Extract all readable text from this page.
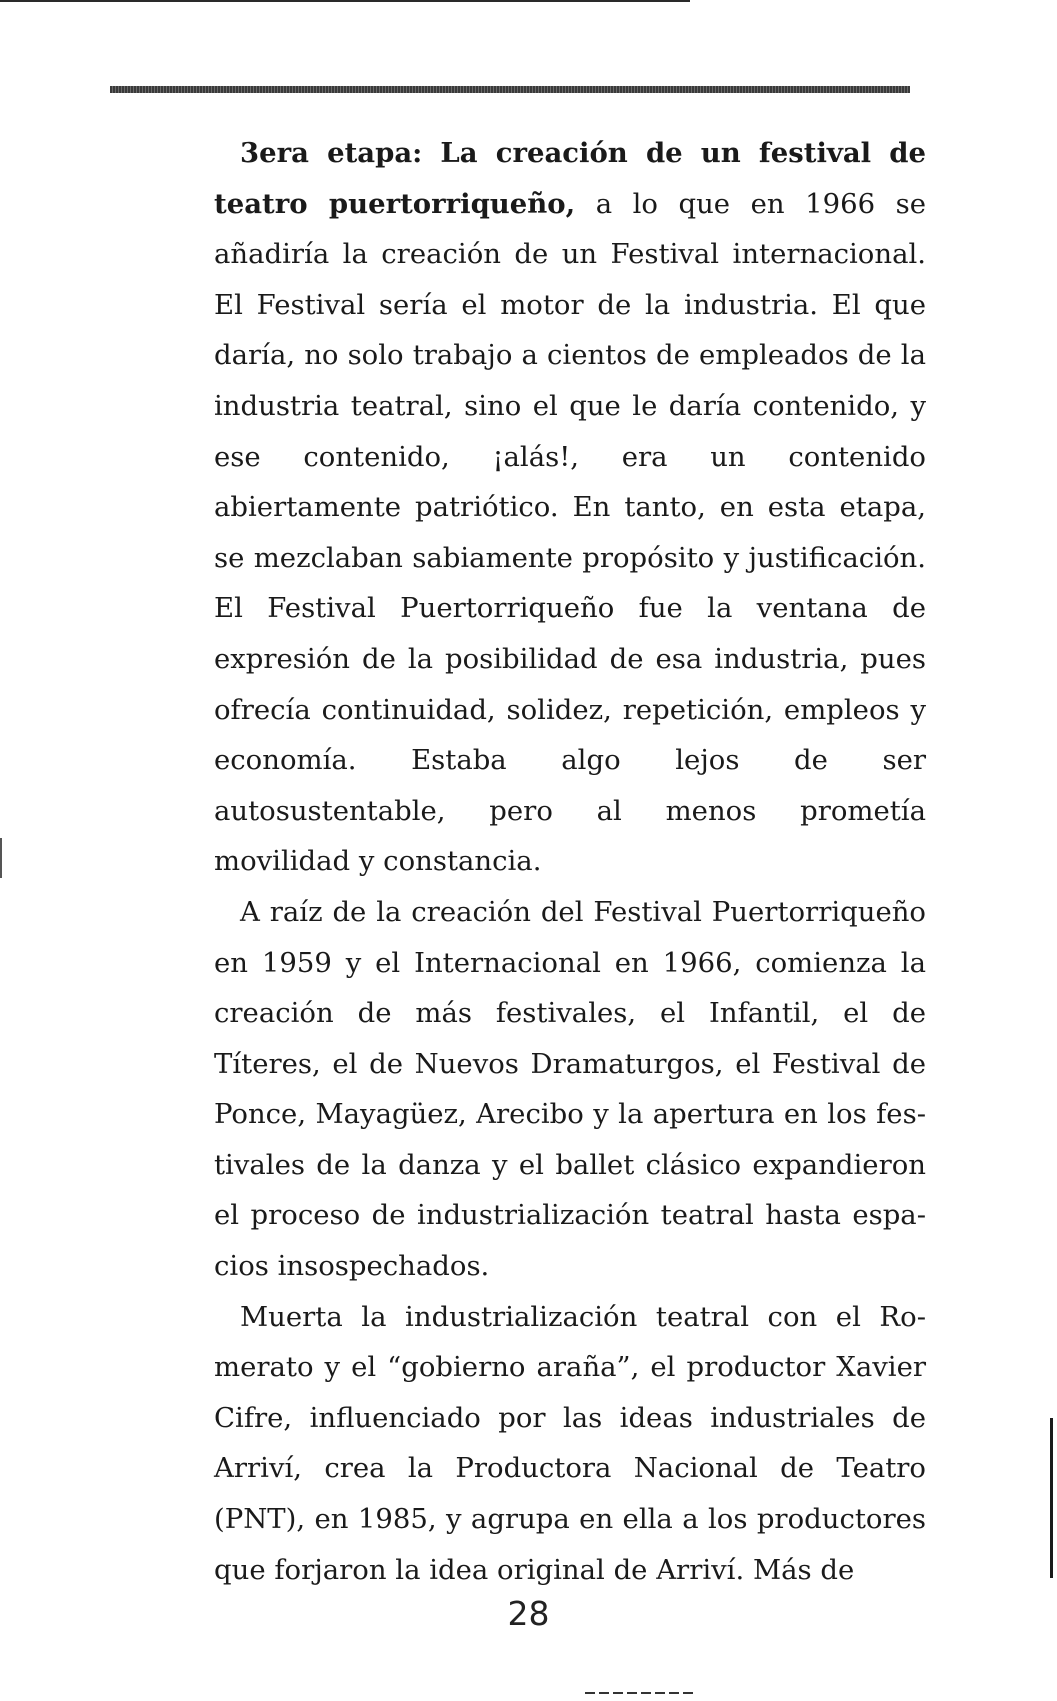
3era etapa: La creación de un festival de teatro puertorriqueño, a lo que en 1966 se añadiría la creación de un Festival internacional. El Festival sería el motor de la industria. El que daría, no solo trabajo a cientos de empleados de la industria teatral, sino el que le daría contenido, y ese contenido, ¡alás!, era un contenido abiertamente patriótico. En tanto, en esta etapa, se mezclaban sabiamente propósito y justificación. El Festival Puertorriqueño fue la ventana de expresión de la posibilidad de esa industria, pues ofrecía continuidad, solidez, repetición, empleos y economía. Estaba algo lejos de ser autosustentable, pero al menos prometía movilidad y constancia.

A raíz de la creación del Festival Puertorriqueño en 1959 y el Internacional en 1966, comienza la creación de más festivales, el Infantil, el de Títeres, el de Nuevos Dramaturgos, el Festival de Ponce, Mayagüez, Arecibo y la apertura en los festivales de la danza y el ballet clásico expandieron el proceso de industrialización teatral hasta espacios insospechados.

Muerta la industrialización teatral con el Romerato y el “gobierno araña”, el productor Xavier Cifre, influenciado por las ideas industriales de Arriví, crea la Productora Nacional de Teatro (PNT), en 1985, y agrupa en ella a los productores que forjaron la idea original de Arriví. Más de

28
